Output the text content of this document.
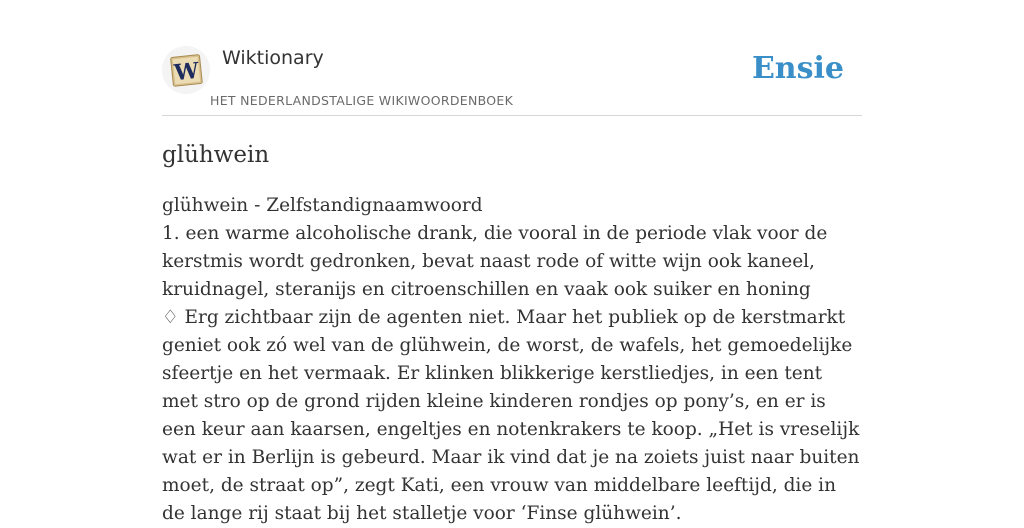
W Wiktionary
HET NEDERLANDSTALIGE WIKIWOORDENBOEK
Ensie
glühwein

glühwein - Zelfstandignaamwoord

1. een warme alcoholische drank, die vooral in de periode vlak voor de kerstmis wordt gedronken, bevat naast rode of witte wijn ook kaneel, kruidnagel, steranijs en citroenschillen en vaak ook suiker en honing

♢ Erg zichtbaar zijn de agenten niet. Maar het publiek op de kerstmarkt geniet ook zó wel van de glühwein, de worst, de wafels, het gemoedelijke sfeertje en het vermaak. Er klinken blikkerige kerstliedjes, in een tent met stro op de grond rijden kleine kinderen rondjes op pony’s, en er is een keur aan kaarsen, engeltjes en notenkrakers te koop. „Het is vreselijk wat er in Berlijn is gebeurd. Maar ik vind dat je na zoiets juist naar buiten moet, de straat op”, zegt Kati, een vrouw van middelbare leeftijd, die in de lange rij staat bij het stalletje voor ‘Finse glühwein’.
